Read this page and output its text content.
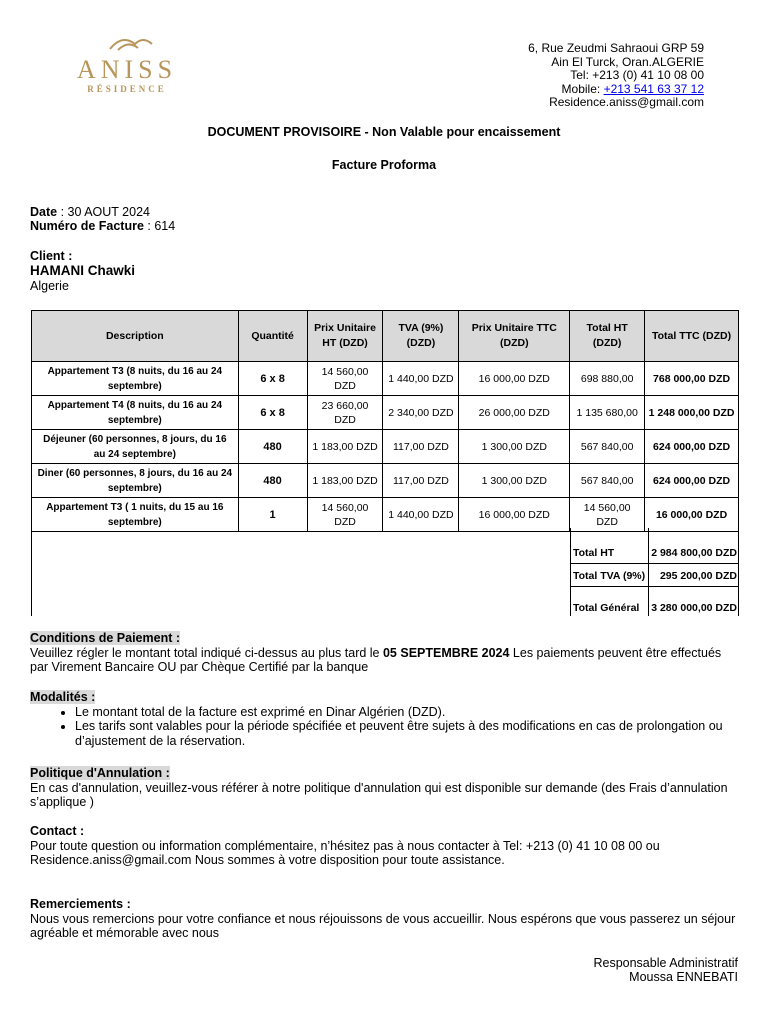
ANISS
RÉSIDENCE
6, Rue Zeudmi Sahraoui GRP 59
Ain El Turck, Oran.ALGERIE
Tel: +213 (0) 41 10 08 00
Mobile: +213 541 63 37 12
Residence.aniss@gmail.com
DOCUMENT PROVISOIRE - Non Valable pour encaissement
Facture Proforma
Date : 30 AOUT 2024
Numéro de Facture : 614
Client :
HAMANI Chawki
Algerie
Description	Quantité	Prix Unitaire HT (DZD)	TVA (9%) (DZD)	Prix Unitaire TTC (DZD)	Total HT (DZD)	Total TTC (DZD)
Appartement T3 (8 nuits, du 16 au 24 septembre)	6 x 8	14 560,00 DZD	1 440,00 DZD	16 000,00 DZD	698 880,00	768 000,00 DZD
Appartement T4 (8 nuits, du 16 au 24 septembre)	6 x 8	23 660,00 DZD	2 340,00 DZD	26 000,00 DZD	1 135 680,00	1 248 000,00 DZD
Déjeuner (60 personnes, 8 jours, du 16 au 24 septembre)	480	1 183,00 DZD	117,00 DZD	1 300,00 DZD	567 840,00	624 000,00 DZD
Diner (60 personnes, 8 jours, du 16 au 24 septembre)	480	1 183,00 DZD	117,00 DZD	1 300,00 DZD	567 840,00	624 000,00 DZD
Appartement T3 ( 1 nuits, du 15 au 16 septembre)	1	14 560,00 DZD	1 440,00 DZD	16 000,00 DZD	14 560,00 DZD	16 000,00 DZD
Total HT	2 984 800,00 DZD
Total TVA (9%) 295 200,00 DZD
Total Général 3 280 000,00 DZD
Conditions de Paiement :
Veuillez régler le montant total indiqué ci-dessus au plus tard le 05 SEPTEMBRE 2024 Les paiements peuvent être effectués par Virement Bancaire OU par Chèque Certifié par la banque
Modalités :
• Le montant total de la facture est exprimé en Dinar Algérien (DZD).
• Les tarifs sont valables pour la période spécifiée et peuvent être sujets à des modifications en cas de prolongation ou d’ajustement de la réservation.
Politique d'Annulation :
En cas d'annulation, veuillez-vous référer à notre politique d'annulation qui est disponible sur demande (des Frais d’annulation s’applique )
Contact :
Pour toute question ou information complémentaire, n’hésitez pas à nous contacter à Tel: +213 (0) 41 10 08 00 ou Residence.aniss@gmail.com Nous sommes à votre disposition pour toute assistance.
Remerciements :
Nous vous remercions pour votre confiance et nous réjouissons de vous accueillir. Nous espérons que vous passerez un séjour agréable et mémorable avec nous
Responsable Administratif
Moussa ENNEBATI
